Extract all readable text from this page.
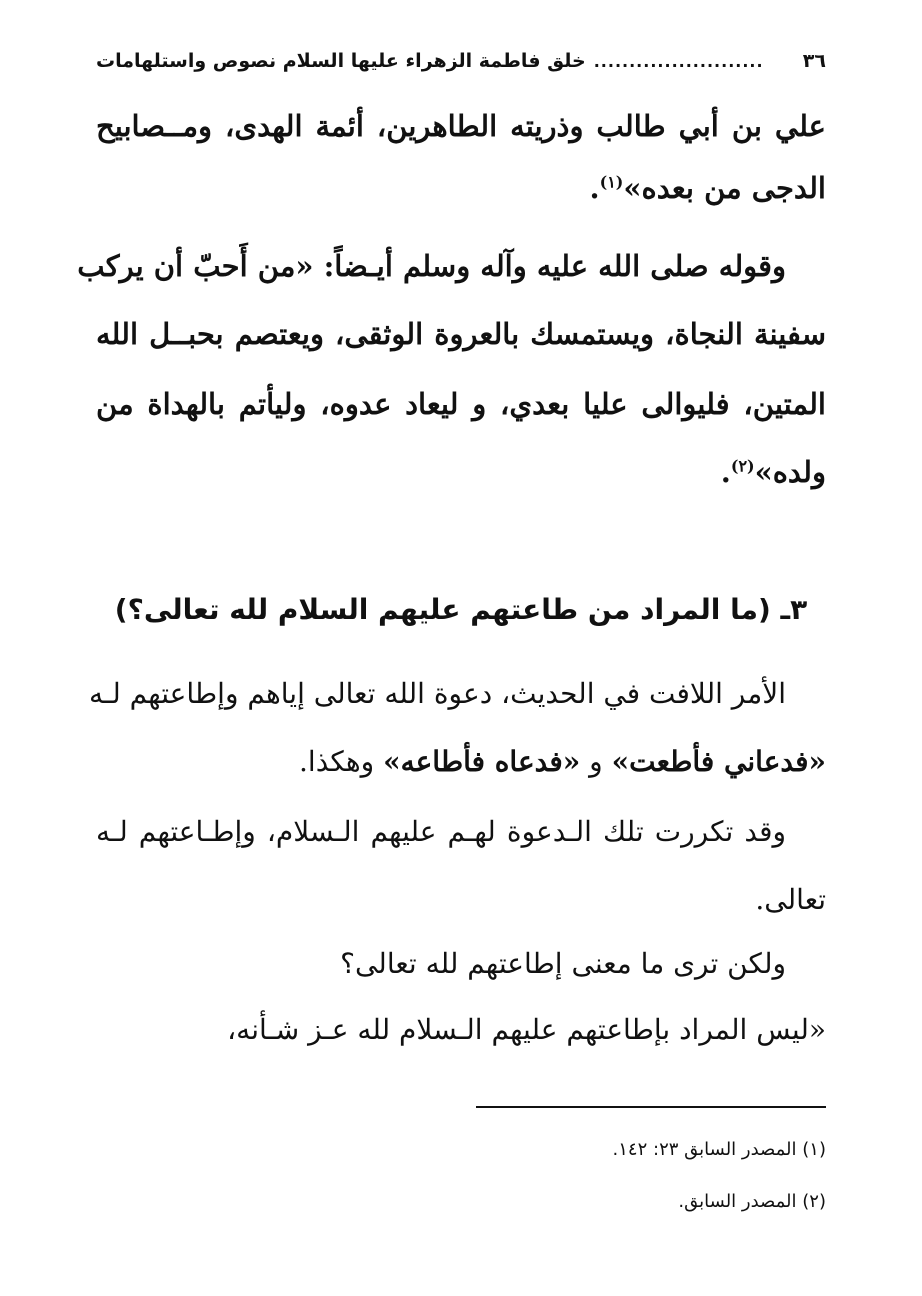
٣٦
........................
خلق فاطمة الزهراء عليها السلام نصوص واستلهامات
علي بن أبي طالب وذريته الطاهرين، أئمة الهدى، ومــصابيح
الدجى من بعده»$^{(١)}$.
وقوله صلى الله عليه وآله وسلم أيـضاً: «من أَحبّ أن يركب
سفينة النجاة، ويستمسك بالعروة الوثقى، ويعتصم بحبــل الله
المتين، فليوالى عليا بعدي، و ليعاد عدوه، وليأتم بالهداة من
ولده»$^{(٢)}$.
٣ـ (ما المراد من طاعتهم عليهم السلام لله تعالى؟)
الأمر اللافت في الحديث، دعوة الله تعالى إياهم وإطاعتهم لـه
«فدعاني فأطعت» و «فدعاه فأطاعه» وهكذا.
وقد تكررت تلك الـدعوة لهـم عليهم الـسلام، وإطـاعتهم لـه
تعالى.
ولكن ترى ما معنى إطاعتهم لله تعالى؟
«ليس المراد بإطاعتهم عليهم الـسلام لله عـز شـأنه،
(١) المصدر السابق ٢٣: ١٤٢.
(٢) المصدر السابق.
